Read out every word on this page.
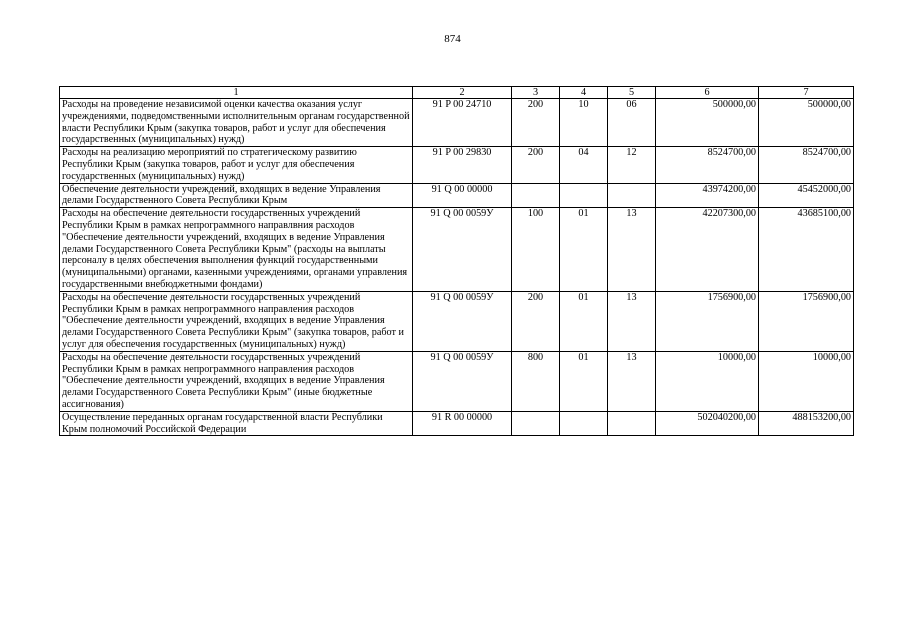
874
1	2	3	4	5	6	7
Расходы на проведение независимой оценки качества оказания услуг учреждениями, подведомственными исполнительным органам государственной власти Республики Крым (закупка товаров, работ и услуг для обеспечения государственных (муниципальных) нужд)	91 P 00 24710	200	10	06	500000,00	500000,00
Расходы на реализацию мероприятий по стратегическому развитию Республики Крым (закупка товаров, работ и услуг для обеспечения государственных (муниципальных) нужд)	91 P 00 29830	200	04	12	8524700,00	8524700,00
Обеспечение деятельности учреждений, входящих в ведение Управления делами Государственного Совета Республики Крым	91 Q 00 00000				43974200,00	45452000,00
Расходы на обеспечение деятельности государственных учреждений Республики Крым в рамках непрограммного направлвния расходов "Обеспечение деятельности учреждений, входящих в ведение Управления делами Государственного Совета Республики Крым" (расходы на выплаты персоналу в целях обеспечения выполнения функций государственными (муниципальными) органами, казенными учреждениями, органами управления государственными внебюджетными фондами)	91 Q 00 0059У	100	01	13	42207300,00	43685100,00
Расходы на обеспечение деятельности государственных учреждений Республики Крым в рамках непрограммного направления расходов "Обеспечение деятельности учреждений, входящих в ведение Управления делами Государственного Совета Республики Крым" (закупка товаров, работ и услуг для обеспечения государственных (муниципальных) нужд)	91 Q 00 0059У	200	01	13	1756900,00	1756900,00
Расходы на обеспечение деятельности государственных учреждений Республики Крым в рамках непрограммного направления расходов "Обеспечение деятельности учреждений, входящих в ведение Управления делами Государственного Совета Республики Крым" (иные бюджетные ассигнования)	91 Q 00 0059У	800	01	13	10000,00	10000,00
Осуществление переданных органам государственной власти Республики Крым полномочий Российской Федерации	91 R 00 00000				502040200,00	488153200,00
